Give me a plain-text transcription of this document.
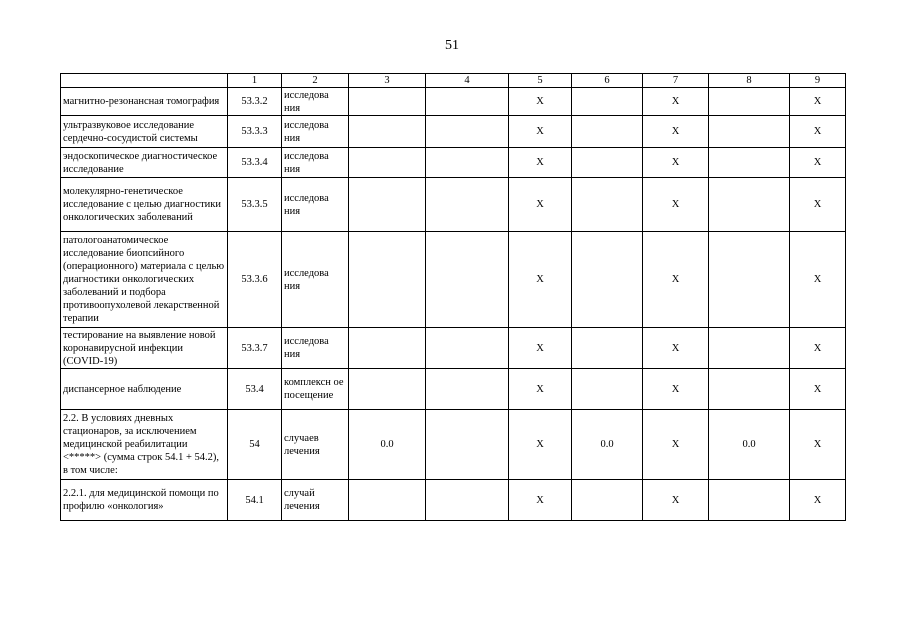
51
	1	2	3	4	5	6	7	8	9
магнитно-резонансная томография	53.3.2	исследова ния			X		X		X
ультразвуковое исследование сердечно-сосудистой системы	53.3.3	исследова ния			X		X		X
эндоскопическое диагностическое исследование	53.3.4	исследова ния			X		X		X
молекулярно-генетическое исследование с целью диагностики онкологических заболеваний	53.3.5	исследова ния			X		X		X
патологоанатомическое исследование биопсийного (операционного) материала с целью диагностики онкологических заболеваний и подбора противоопухолевой лекарственной терапии	53.3.6	исследова ния			X		X		X
тестирование на выявление новой коронавирусной инфекции (COVID-19)	53.3.7	исследова ния			X		X		X
диспансерное наблюдение	53.4	комплексн ое посещение			X		X		X
2.2. В условиях дневных стационаров, за исключением медицинской реабилитации <*****> (сумма строк 54.1 + 54.2), в том числе:	54	случаев лечения	0.0		X	0.0	X	0.0	X
2.2.1. для медицинской помощи по профилю «онкология»	54.1	случай лечения			X		X		X
